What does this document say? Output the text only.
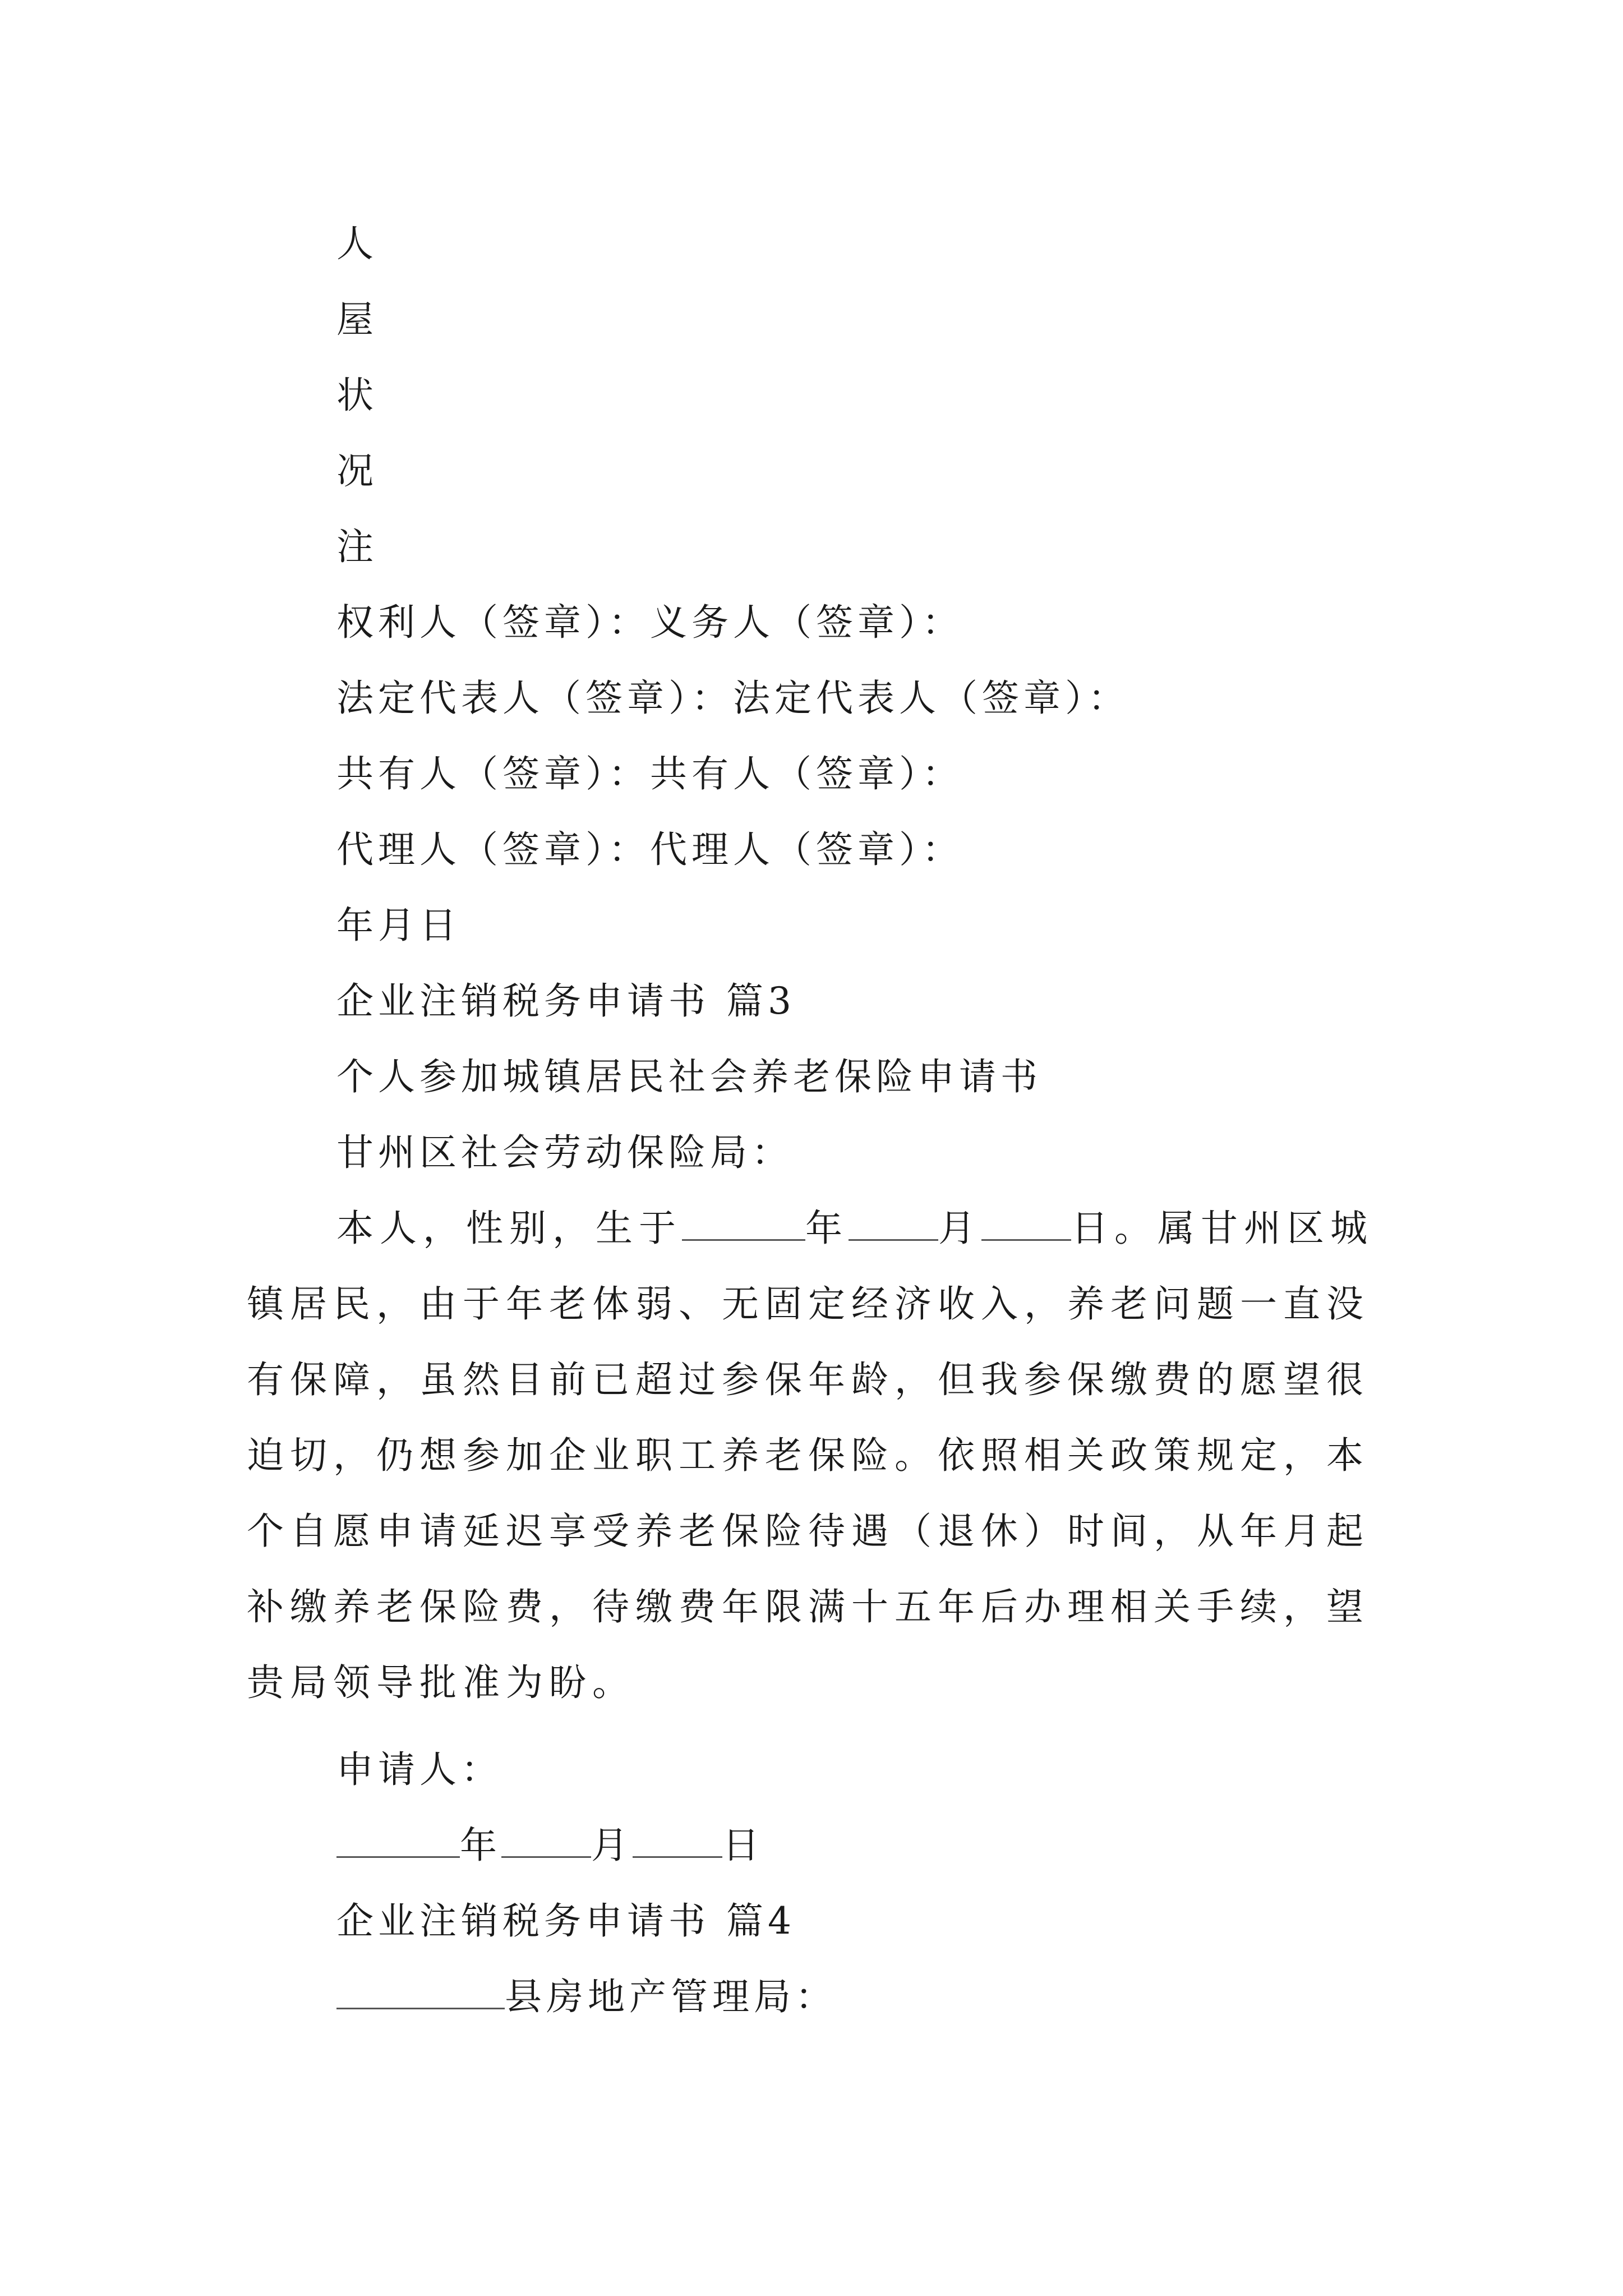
人
屋
状
况
注
权利人（签章）：义务人（签章）：
法定代表人（签章）：法定代表人（签章）：
共有人（签章）：共有人（签章）：
代理人（签章）：代理人（签章）：
年月日
企业注销税务申请书 篇3
个人参加城镇居民社会养老保险申请书
甘州区社会劳动保险局：
本人，性别，生于	年 月 日。属甘州区城
镇居民，由于年老体弱、无固定经济收入，养老问题一直没
有保障，虽然目前已超过参保年龄，但我参保缴费的愿望很
迫切，仍想参加企业职工养老保险。依照相关政策规定，本
个自愿申请延迟享受养老保险待遇（退休）时间，从年月起
补缴养老保险费，待缴费年限满十五年后办理相关手续，望
贵局领导批准为盼。
申请人：
年 月 日
企业注销税务申请书 篇4
县房地产管理局：
